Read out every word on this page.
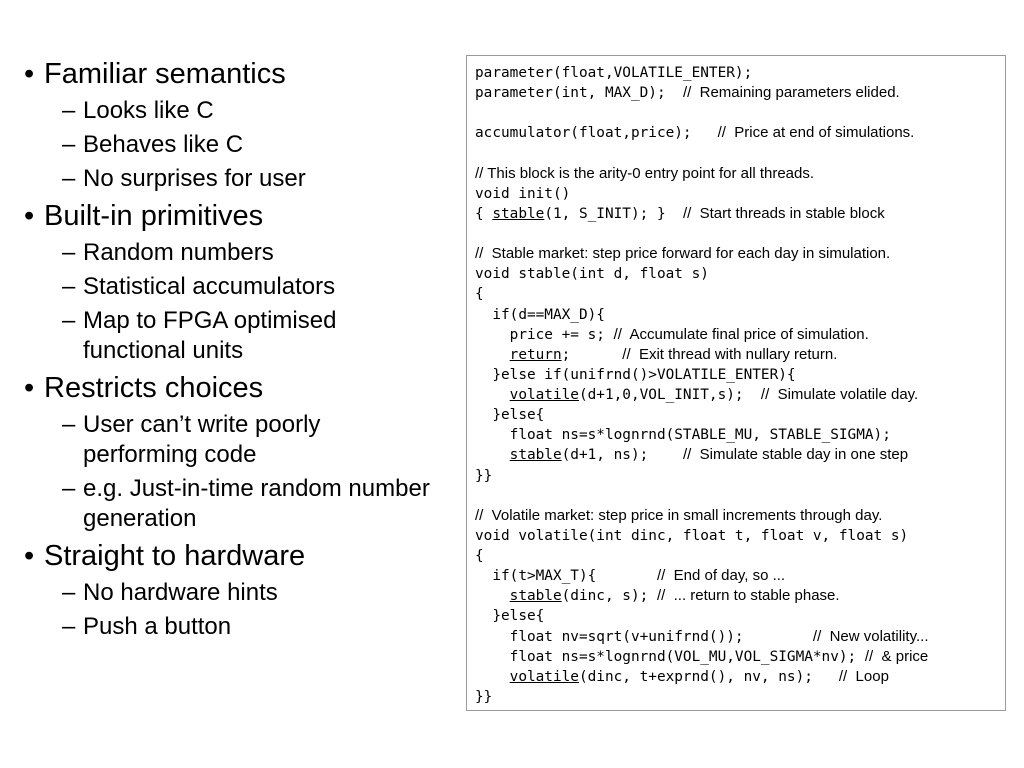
• Familiar semantics
– Looks like C
– Behaves like C
– No surprises for user
• Built-in primitives
– Random numbers
– Statistical accumulators
– Map to FPGA optimised functional units
• Restricts choices
– User can’t write poorly performing code
– e.g. Just-in-time random number generation
• Straight to hardware
– No hardware hints
– Push a button
parameter(float,VOLATILE_ENTER);
parameter(int, MAX_D);  //  Remaining parameters elided.
accumulator(float,price);   //  Price at end of simulations.
// This block is the arity-0 entry point for all threads.
void init()
{ stable(1, S_INIT); }  //  Start threads in stable block
//  Stable market: step price forward for each day in simulation.
void stable(int d, float s)
{
if(d==MAX_D){
price += s; //  Accumulate final price of simulation.
return;      //  Exit thread with nullary return.
}else if(unifrnd()>VOLATILE_ENTER){
volatile(d+1,0,VOL_INIT,s);  //  Simulate volatile day.
}else{
float ns=s*lognrnd(STABLE_MU, STABLE_SIGMA);
stable(d+1, ns);    //  Simulate stable day in one step
}}
//  Volatile market: step price in small increments through day.
void volatile(int dinc, float t, float v, float s)
{
if(t>MAX_T){       //  End of day, so ...
stable(dinc, s); //  ... return to stable phase.
}else{
float nv=sqrt(v+unifrnd());        //  New volatility...
float ns=s*lognrnd(VOL_MU,VOL_SIGMA*nv); //  & price
volatile(dinc, t+exprnd(), nv, ns);   //  Loop
}}
